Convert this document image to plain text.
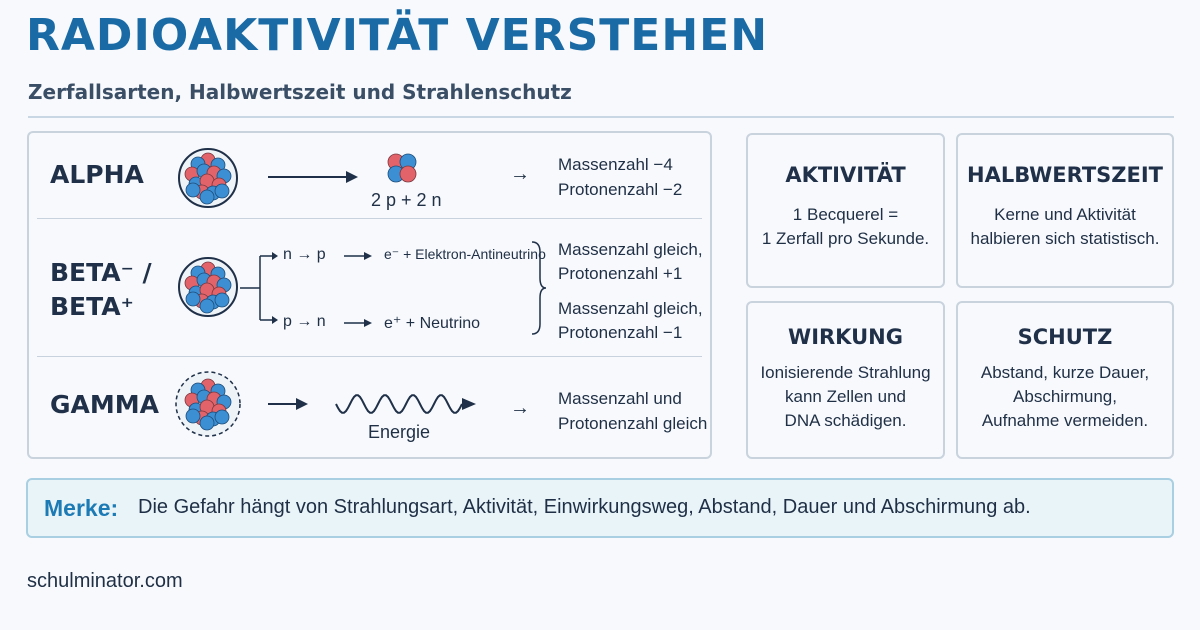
RADIOAKTIVITÄT VERSTEHEN
Zerfallsarten, Halbwertszeit und Strahlenschutz
ALPHA
2 p + 2 n
→ Massenzahl −4
Protonenzahl −2
BETA⁻ /
BETA⁺
n → p	e⁻ + Elektron-Antineutrino
p → n	e⁺ + Neutrino
Massenzahl gleich,
Protonenzahl +1
Massenzahl gleich,
Protonenzahl −1
GAMMA
Energie
→ Massenzahl und
Protonenzahl gleich
AKTIVITÄT
1 Becquerel =
1 Zerfall pro Sekunde.
HALBWERTSZEIT
Kerne und Aktivität
halbieren sich statistisch.
WIRKUNG
Ionisierende Strahlung
kann Zellen und
DNA schädigen.
SCHUTZ
Abstand, kurze Dauer,
Abschirmung,
Aufnahme vermeiden.
Merke: Die Gefahr hängt von Strahlungsart, Aktivität, Einwirkungsweg, Abstand, Dauer und Abschirmung ab.
schulminator.com
